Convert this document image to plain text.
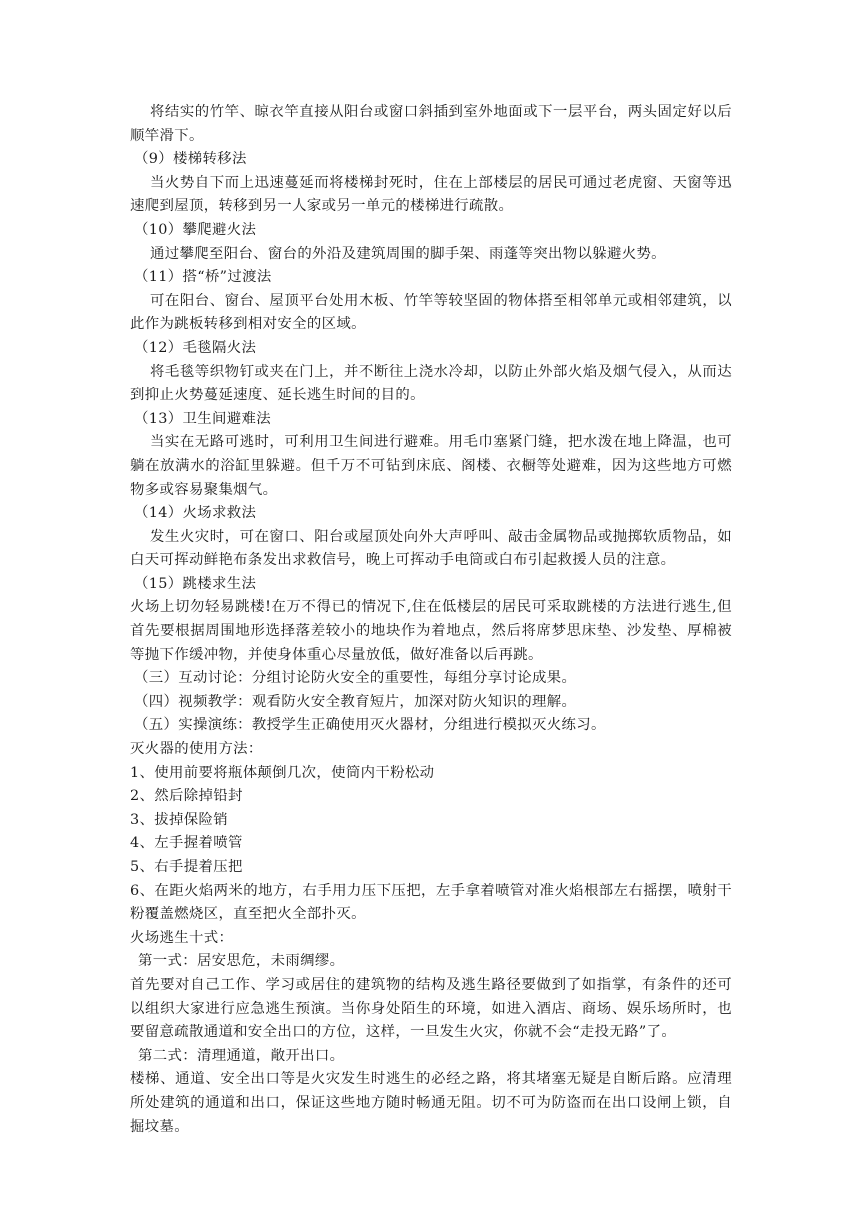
将结实的竹竿、晾衣竿直接从阳台或窗口斜插到室外地面或下一层平台，两头固定好以后顺竿滑下。

（9）楼梯转移法

当火势自下而上迅速蔓延而将楼梯封死时，住在上部楼层的居民可通过老虎窗、天窗等迅速爬到屋顶，转移到另一人家或另一单元的楼梯进行疏散。

（10）攀爬避火法

通过攀爬至阳台、窗台的外沿及建筑周围的脚手架、雨蓬等突出物以躲避火势。

（11）搭“桥”过渡法

可在阳台、窗台、屋顶平台处用木板、竹竿等较坚固的物体搭至相邻单元或相邻建筑，以此作为跳板转移到相对安全的区域。

（12）毛毯隔火法

将毛毯等织物钉或夹在门上，并不断往上浇水冷却，以防止外部火焰及烟气侵入，从而达到抑止火势蔓延速度、延长逃生时间的目的。

（13）卫生间避难法

当实在无路可逃时，可利用卫生间进行避难。用毛巾塞紧门缝，把水泼在地上降温，也可躺在放满水的浴缸里躲避。但千万不可钻到床底、阁楼、衣橱等处避难，因为这些地方可燃物多或容易聚集烟气。

（14）火场求救法

发生火灾时，可在窗口、阳台或屋顶处向外大声呼叫、敲击金属物品或抛掷软质物品，如白天可挥动鲜艳布条发出求救信号，晚上可挥动手电筒或白布引起救援人员的注意。

（15）跳楼求生法

火场上切勿轻易跳楼!在万不得已的情况下,住在低楼层的居民可采取跳楼的方法进行逃生,但首先要根据周围地形选择落差较小的地块作为着地点，然后将席梦思床垫、沙发垫、厚棉被等抛下作缓冲物，并使身体重心尽量放低，做好准备以后再跳。

（三）互动讨论：分组讨论防火安全的重要性，每组分享讨论成果。

（四）视频教学：观看防火安全教育短片，加深对防火知识的理解。

（五）实操演练：教授学生正确使用灭火器材，分组进行模拟灭火练习。

灭火器的使用方法：

1、使用前要将瓶体颠倒几次，使筒内干粉松动

2、然后除掉铅封

3、拔掉保险销

4、左手握着喷管

5、右手提着压把

6、在距火焰两米的地方，右手用力压下压把，左手拿着喷管对准火焰根部左右摇摆，喷射干粉覆盖燃烧区，直至把火全部扑灭。

火场逃生十式：

第一式：居安思危，未雨绸缪。

首先要对自己工作、学习或居住的建筑物的结构及逃生路径要做到了如指掌，有条件的还可以组织大家进行应急逃生预演。当你身处陌生的环境，如进入酒店、商场、娱乐场所时，也要留意疏散通道和安全出口的方位，这样，一旦发生火灾，你就不会“走投无路”了。

第二式：清理通道，敞开出口。

楼梯、通道、安全出口等是火灾发生时逃生的必经之路，将其堵塞无疑是自断后路。应清理所处建筑的通道和出口，保证这些地方随时畅通无阻。切不可为防盗而在出口设闸上锁，自掘坟墓。
